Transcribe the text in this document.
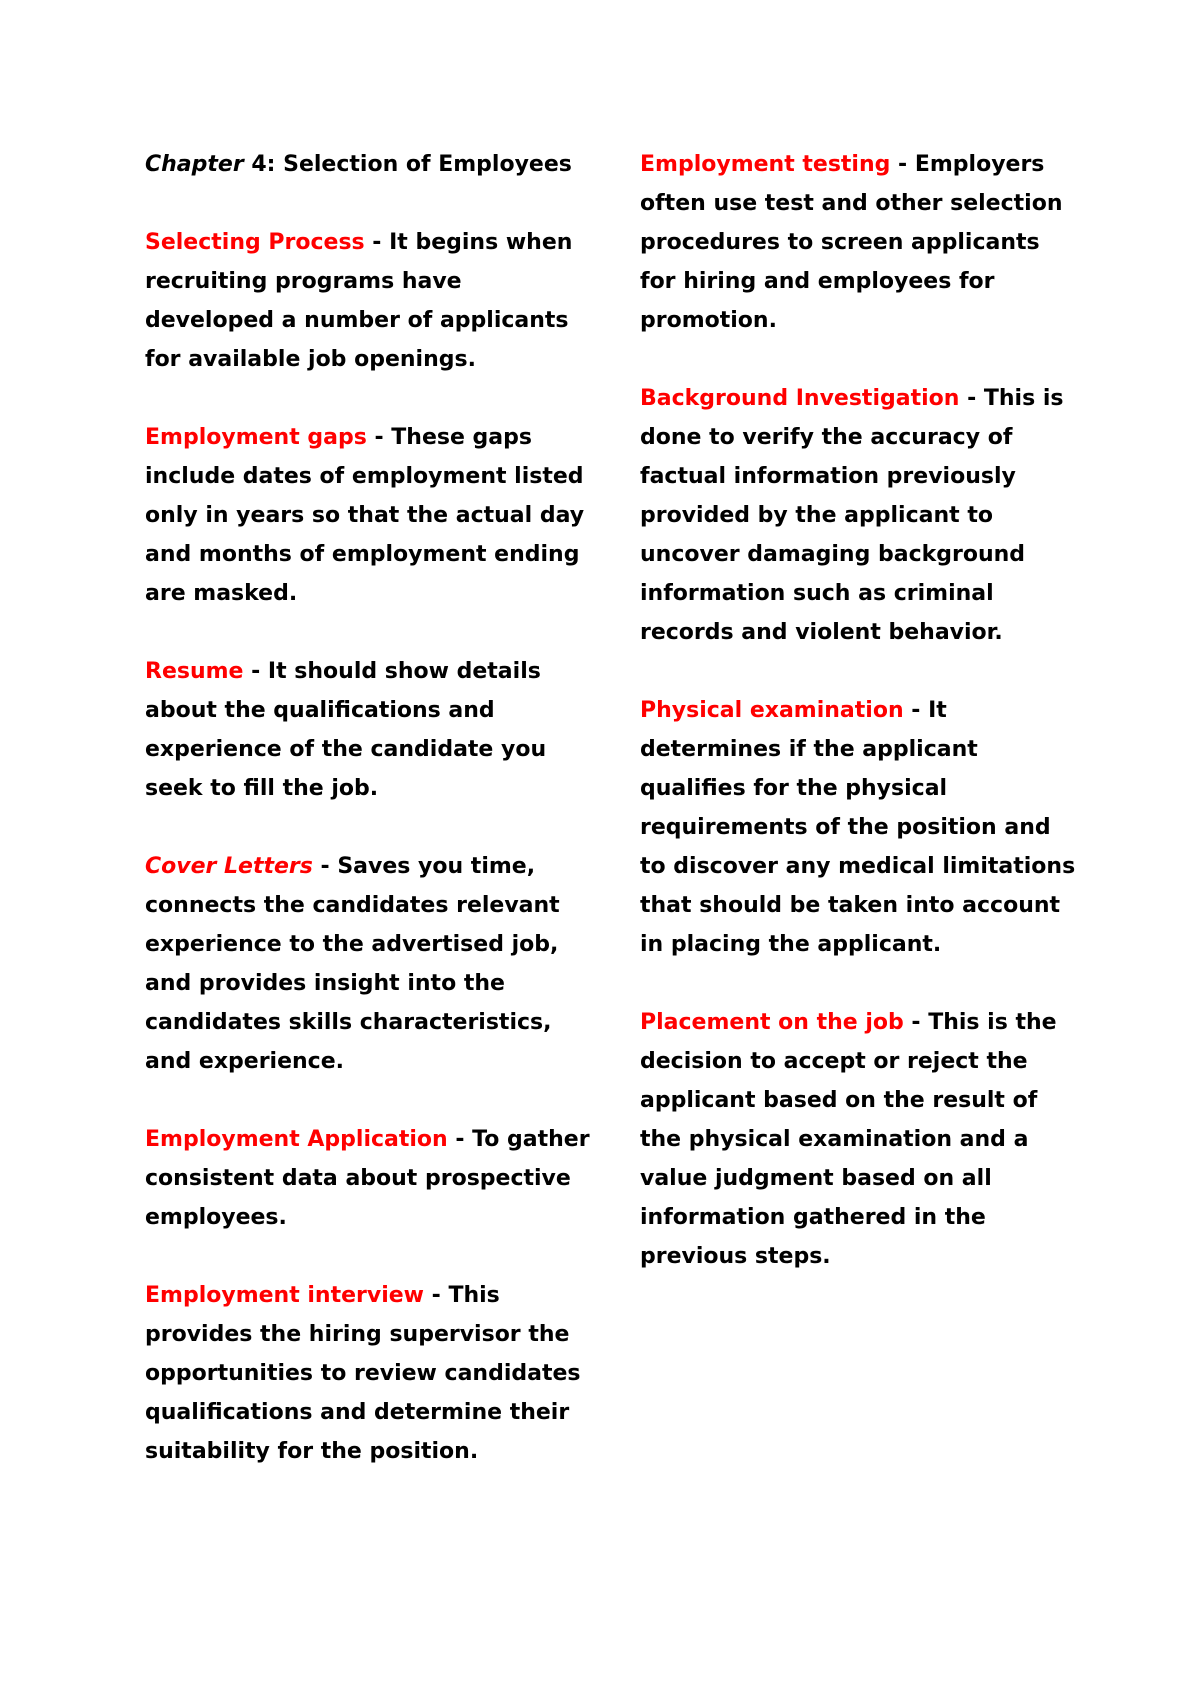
Chapter 4: Selection of Employees
Selecting Process - It begins when recruiting programs have developed a number of applicants for available job openings.
Employment gaps - These gaps include dates of employment listed only in years so that the actual day and months of employment ending are masked.
Resume - It should show details about the qualifications and experience of the candidate you seek to fill the job.
Cover Letters - Saves you time, connects the candidates relevant experience to the advertised job, and provides insight into the candidates skills characteristics, and experience.
Employment Application - To gather consistent data about prospective employees.
Employment interview - This provides the hiring supervisor the opportunities to review candidates qualifications and determine their suitability for the position.
Employment testing - Employers often use test and other selection procedures to screen applicants for hiring and employees for promotion.
Background Investigation - This is done to verify the accuracy of factual information previously provided by the applicant to uncover damaging background information such as criminal records and violent behavior.
Physical examination - It determines if the applicant qualifies for the physical requirements of the position and to discover any medical limitations that should be taken into account in placing the applicant.
Placement on the job - This is the decision to accept or reject the applicant based on the result of the physical examination and a value judgment based on all information gathered in the previous steps.
